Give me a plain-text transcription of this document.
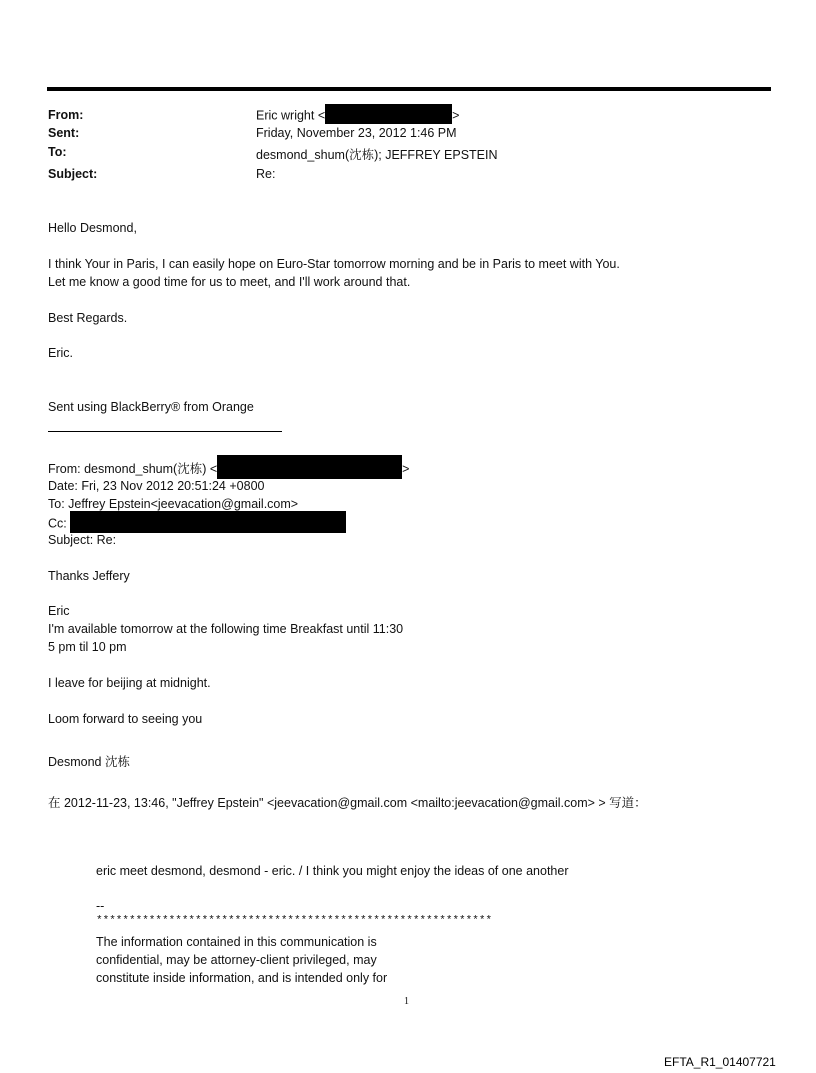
From:	Eric wright <	>
Sent:	Friday, November 23, 2012 1:46 PM
To:	desmond_shum(沈栋); JEFFREY EPSTEIN
Subject:	Re:
Hello Desmond,
I think Your in Paris, I can easily hope on Euro-Star tomorrow morning and be in Paris to meet with You.
Let me know a good time for us to meet, and I'll work around that.
Best Regards.
Eric.
Sent using BlackBerry® from Orange
From: desmond_shum(沈栋) <	>
Date: Fri, 23 Nov 2012 20:51:24 +0800
To: Jeffrey Epstein<jeevacation@gmail.com>
Cc:
Subject: Re:
Thanks Jeffery
Eric
I'm available tomorrow at the following time Breakfast until 11:30
5 pm til 10 pm
I leave for beijing at midnight.
Loom forward to seeing you
Desmond 沈栋
在 2012-11-23, 13:46, "Jeffrey Epstein" <jeevacation@gmail.com <mailto:jeevacation@gmail.com> > 写道：
eric meet desmond, desmond - eric. / I think you might enjoy the ideas of one another
--
************************************************************
The information contained in this communication is
confidential, may be attorney-client privileged, may
constitute inside information, and is intended only for
1
EFTA_R1_01407721
